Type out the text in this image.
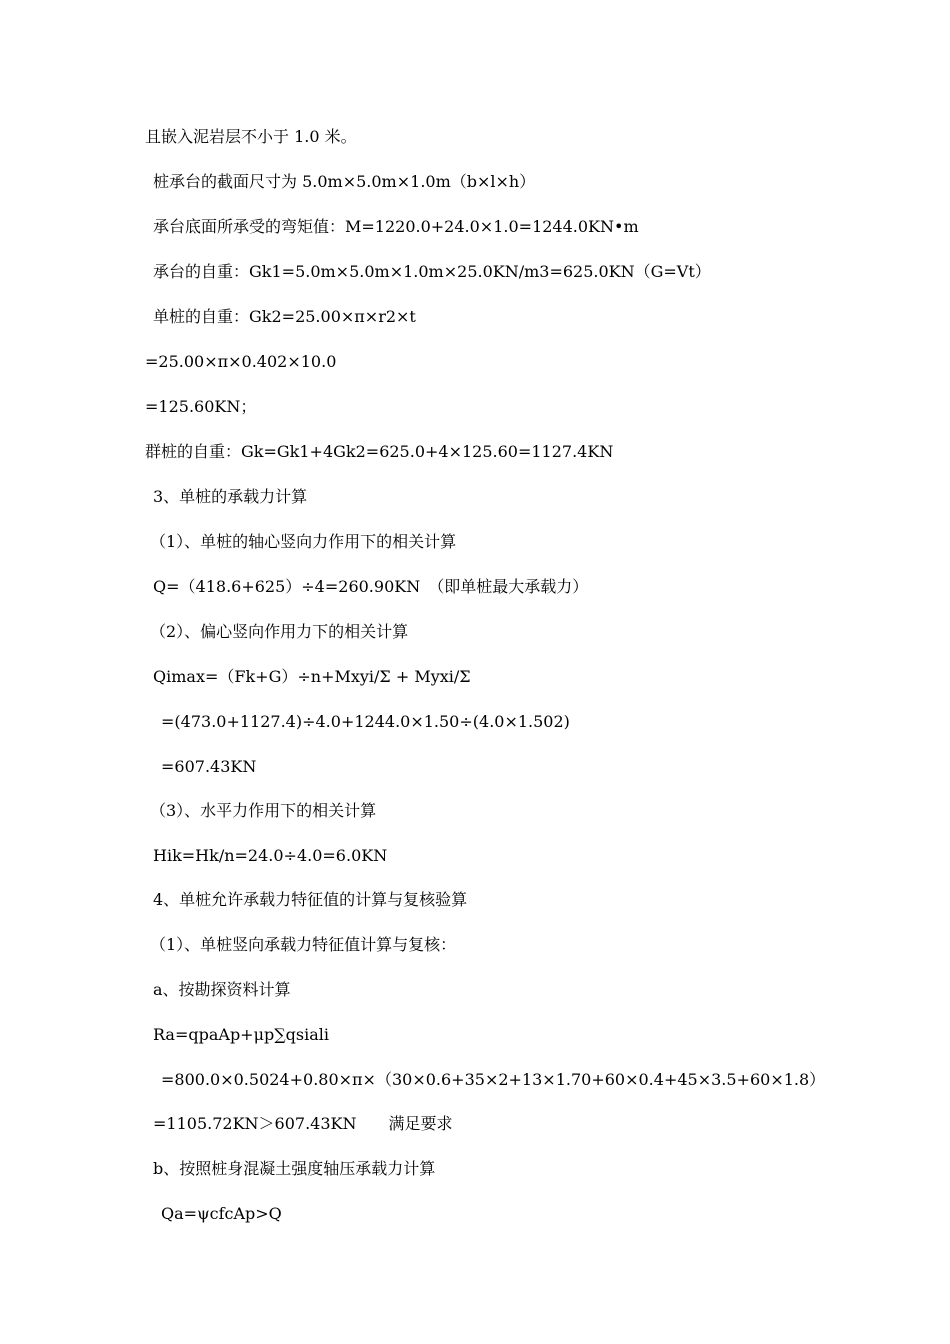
且嵌入泥岩层不小于 1.0 米。
桩承台的截面尺寸为 5.0m×5.0m×1.0m（b×l×h）
承台底面所承受的弯矩值：M=1220.0+24.0×1.0=1244.0KN•m
承台的自重：Gk1=5.0m×5.0m×1.0m×25.0KN/m3=625.0KN（G=Vt）
单桩的自重：Gk2=25.00×π×r2×t
=25.00×π×0.402×10.0
=125.60KN；
群桩的自重：Gk=Gk1+4Gk2=625.0+4×125.60=1127.4KN
3、单桩的承载力计算
（1）、单桩的轴心竖向力作用下的相关计算
Q=（418.6+625）÷4=260.90KN　（即单桩最大承载力）
（2）、偏心竖向作用力下的相关计算
Qimax=（Fk+G）÷n+Mxyi/Σ + Myxi/Σ
=(473.0+1127.4)÷4.0+1244.0×1.50÷(4.0×1.502)
=607.43KN
（3）、水平力作用下的相关计算
Hik=Hk/n=24.0÷4.0=6.0KN
4、单桩允许承载力特征值的计算与复核验算
（1）、单桩竖向承载力特征值计算与复核：
a、按勘探资料计算
Ra=qpaAp+μp∑qsiali
=800.0×0.5024+0.80×π×（30×0.6+35×2+13×1.70+60×0.4+45×3.5+60×1.8）
=1105.72KN＞607.43KN　　满足要求
b、按照桩身混凝土强度轴压承载力计算
Qa=ψcfcAp>Q
